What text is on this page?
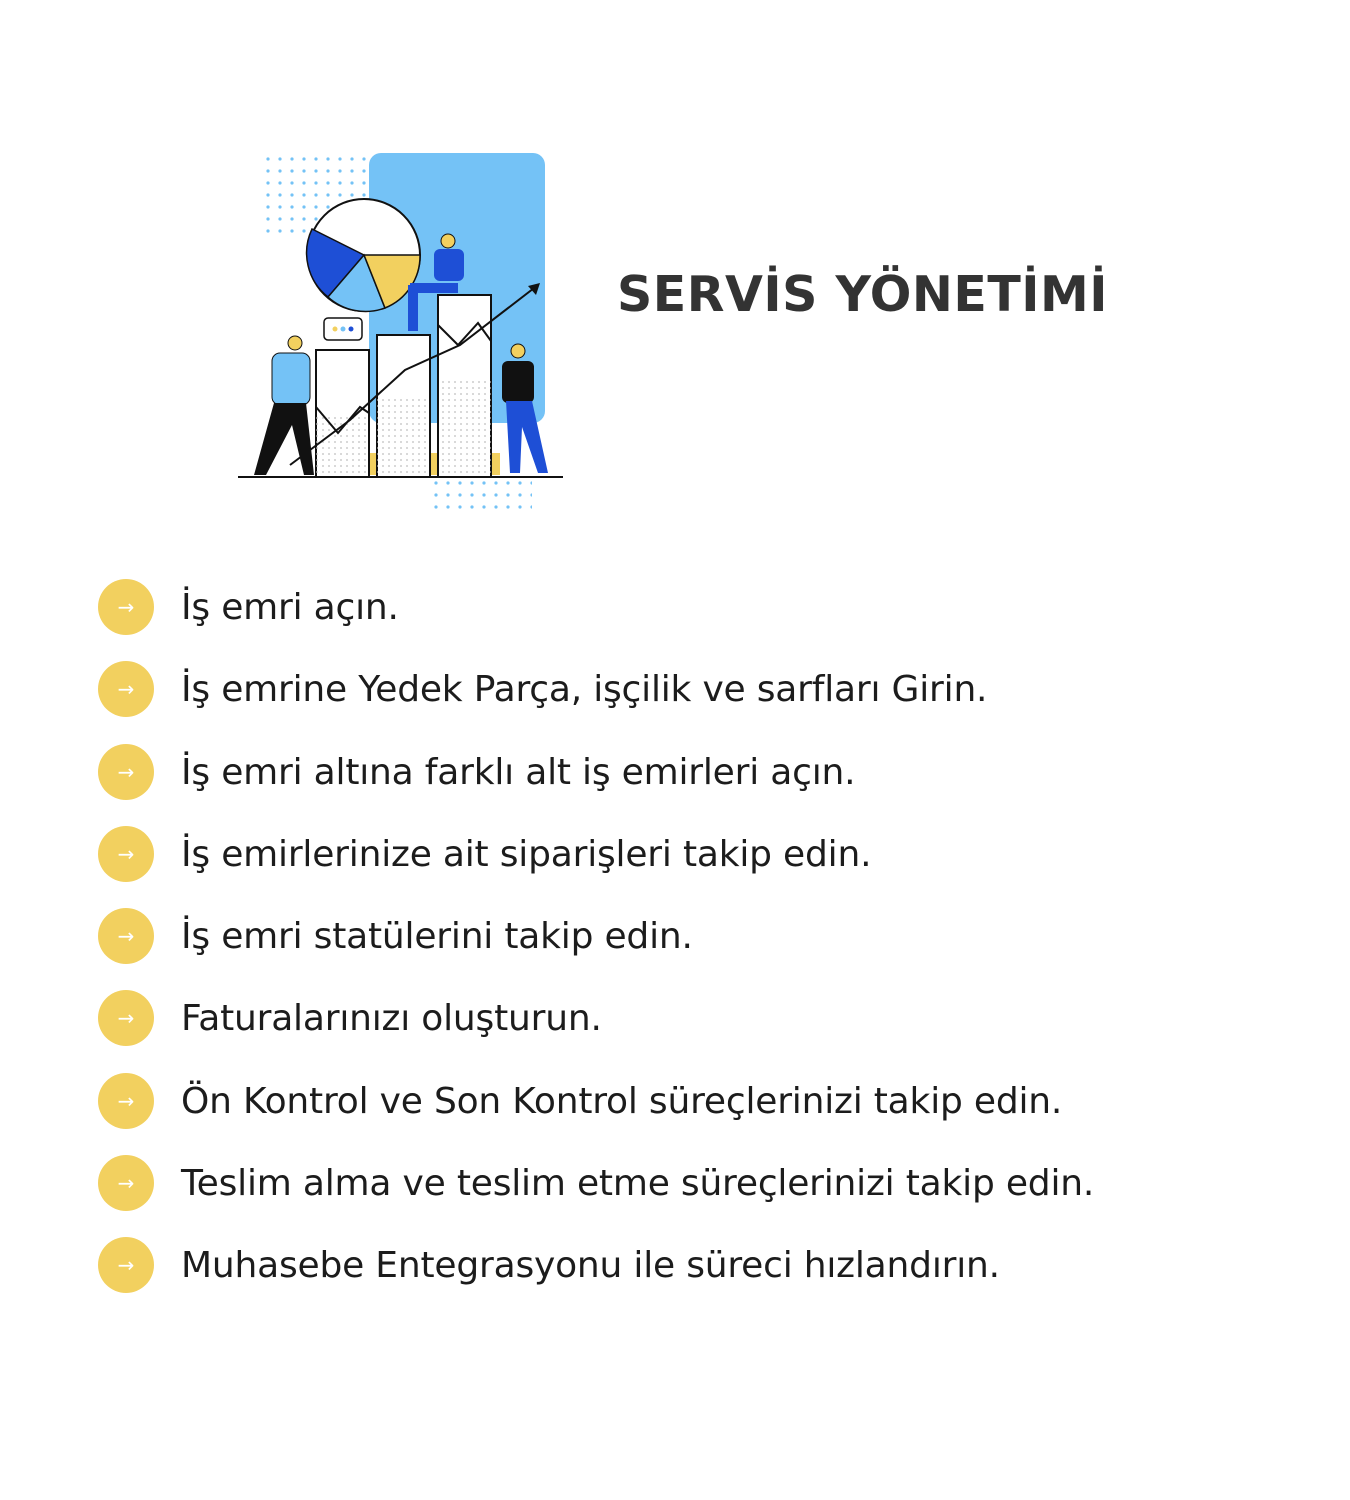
SERVİS YÖNETİMİ
→	İş emri açın.
→	İş emrine Yedek Parça, işçilik ve sarfları Girin.
→	İş emri altına farklı alt iş emirleri açın.
→	İş emirlerinize ait siparişleri takip edin.
→	İş emri statülerini takip edin.
→	Faturalarınızı oluşturun.
→	Ön Kontrol ve Son Kontrol süreçlerinizi takip edin.
→	Teslim alma ve teslim etme süreçlerinizi takip edin.
→	Muhasebe Entegrasyonu ile süreci hızlandırın.
